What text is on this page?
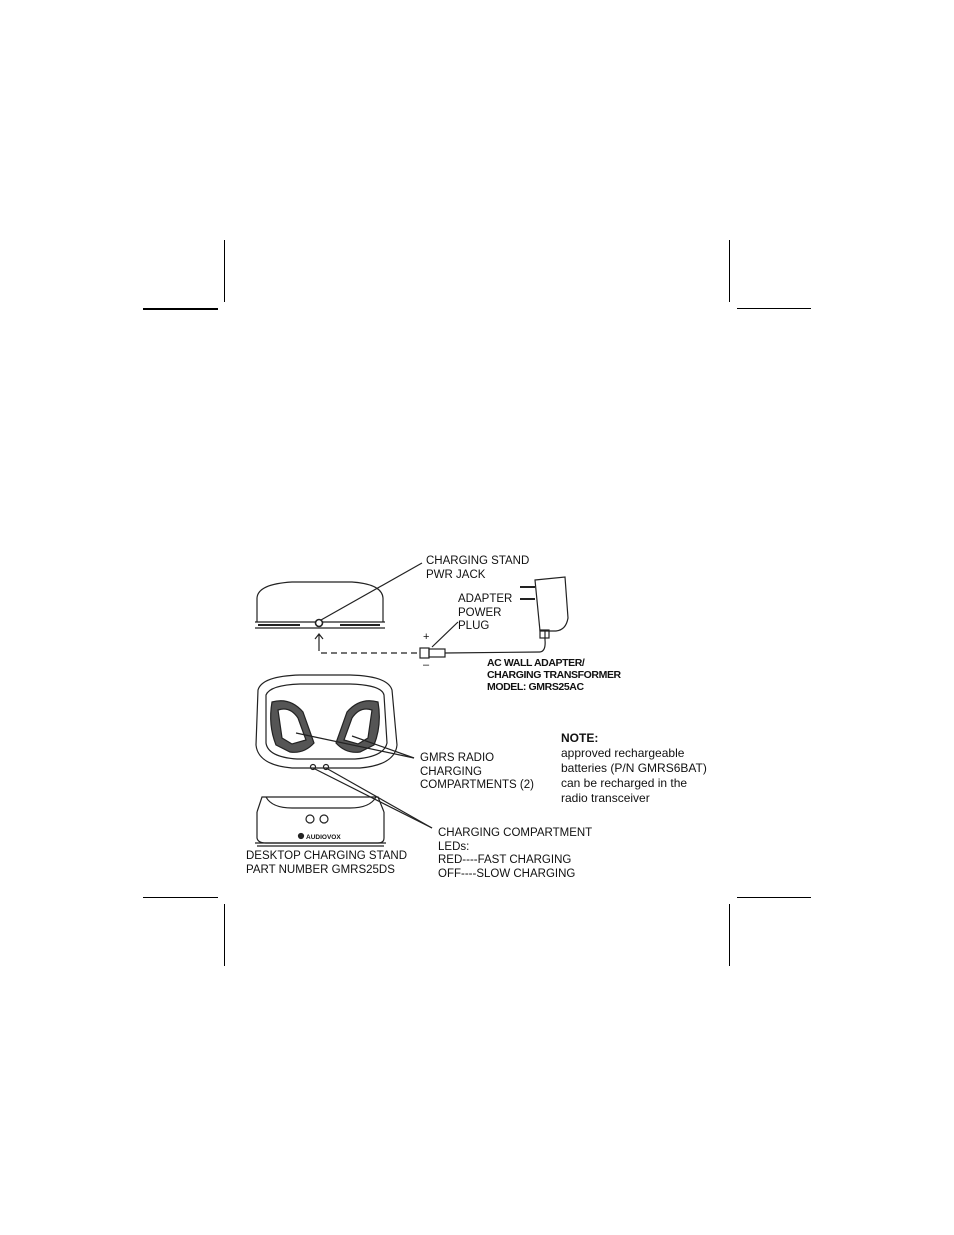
+
–
AUDIOVOX
CHARGING STAND
PWR JACK
ADAPTER
POWER
PLUG
AC WALL ADAPTER/
CHARGING TRANSFORMER
MODEL: GMRS25AC
GMRS RADIO
CHARGING
COMPARTMENTS (2)
NOTE:
approved rechargeable
batteries (P/N GMRS6BAT)
can be recharged in the
radio transceiver
CHARGING COMPARTMENT
LEDs:
RED----FAST CHARGING
OFF----SLOW CHARGING
DESKTOP CHARGING STAND
PART NUMBER GMRS25DS
